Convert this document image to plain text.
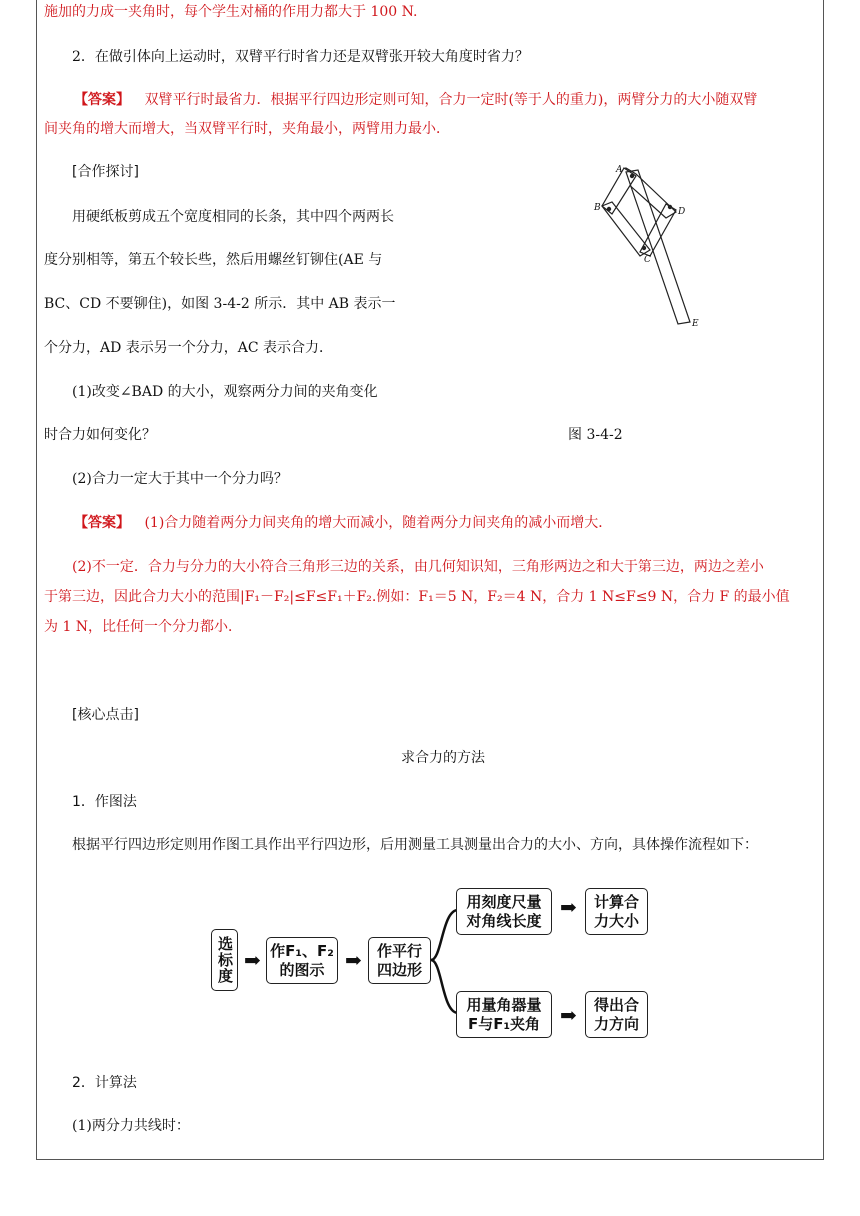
施加的力成一夹角时，每个学生对桶的作用力都大于 100 N.
2．在做引体向上运动时，双臂平行时省力还是双臂张开较大角度时省力？
【答案】 双臂平行时最省力．根据平行四边形定则可知，合力一定时(等于人的重力)，两臂分力的大小随双臂
间夹角的增大而增大，当双臂平行时，夹角最小，两臂用力最小．
[合作探讨]
用硬纸板剪成五个宽度相同的长条，其中四个两两长
度分别相等，第五个较长些，然后用螺丝钉铆住(AE 与
BC、CD 不要铆住)，如图 3-4-2 所示．其中 AB 表示一
个分力，AD 表示另一个分力，AC 表示合力．
(1)改变∠BAD 的大小，观察两分力间的夹角变化
时合力如何变化？
A
B
C
D
E
图 3-4-2
(2)合力一定大于其中一个分力吗？
【答案】 (1)合力随着两分力间夹角的增大而减小，随着两分力间夹角的减小而增大．
(2)不一定．合力与分力的大小符合三角形三边的关系，由几何知识知，三角形两边之和大于第三边，两边之差小
于第三边，因此合力大小的范围|F₁－F₂|≤F≤F₁＋F₂.例如：F₁＝5 N，F₂＝4 N，合力 1 N≤F≤9 N，合力 F 的最小值
为 1 N，比任何一个分力都小．
[核心点击]
求合力的方法
1．作图法
根据平行四边形定则用作图工具作出平行四边形，后用测量工具测量出合力的大小、方向，具体操作流程如下：
选标度 ➡ 作F₁、F₂
的图示 ➡ 作平行
四边形
用刻度尺量
对角线长度
➡ 计算合
力大小
用量角器量
F与F₁夹角 ➡ 得出合
力方向
2．计算法
(1)两分力共线时：
